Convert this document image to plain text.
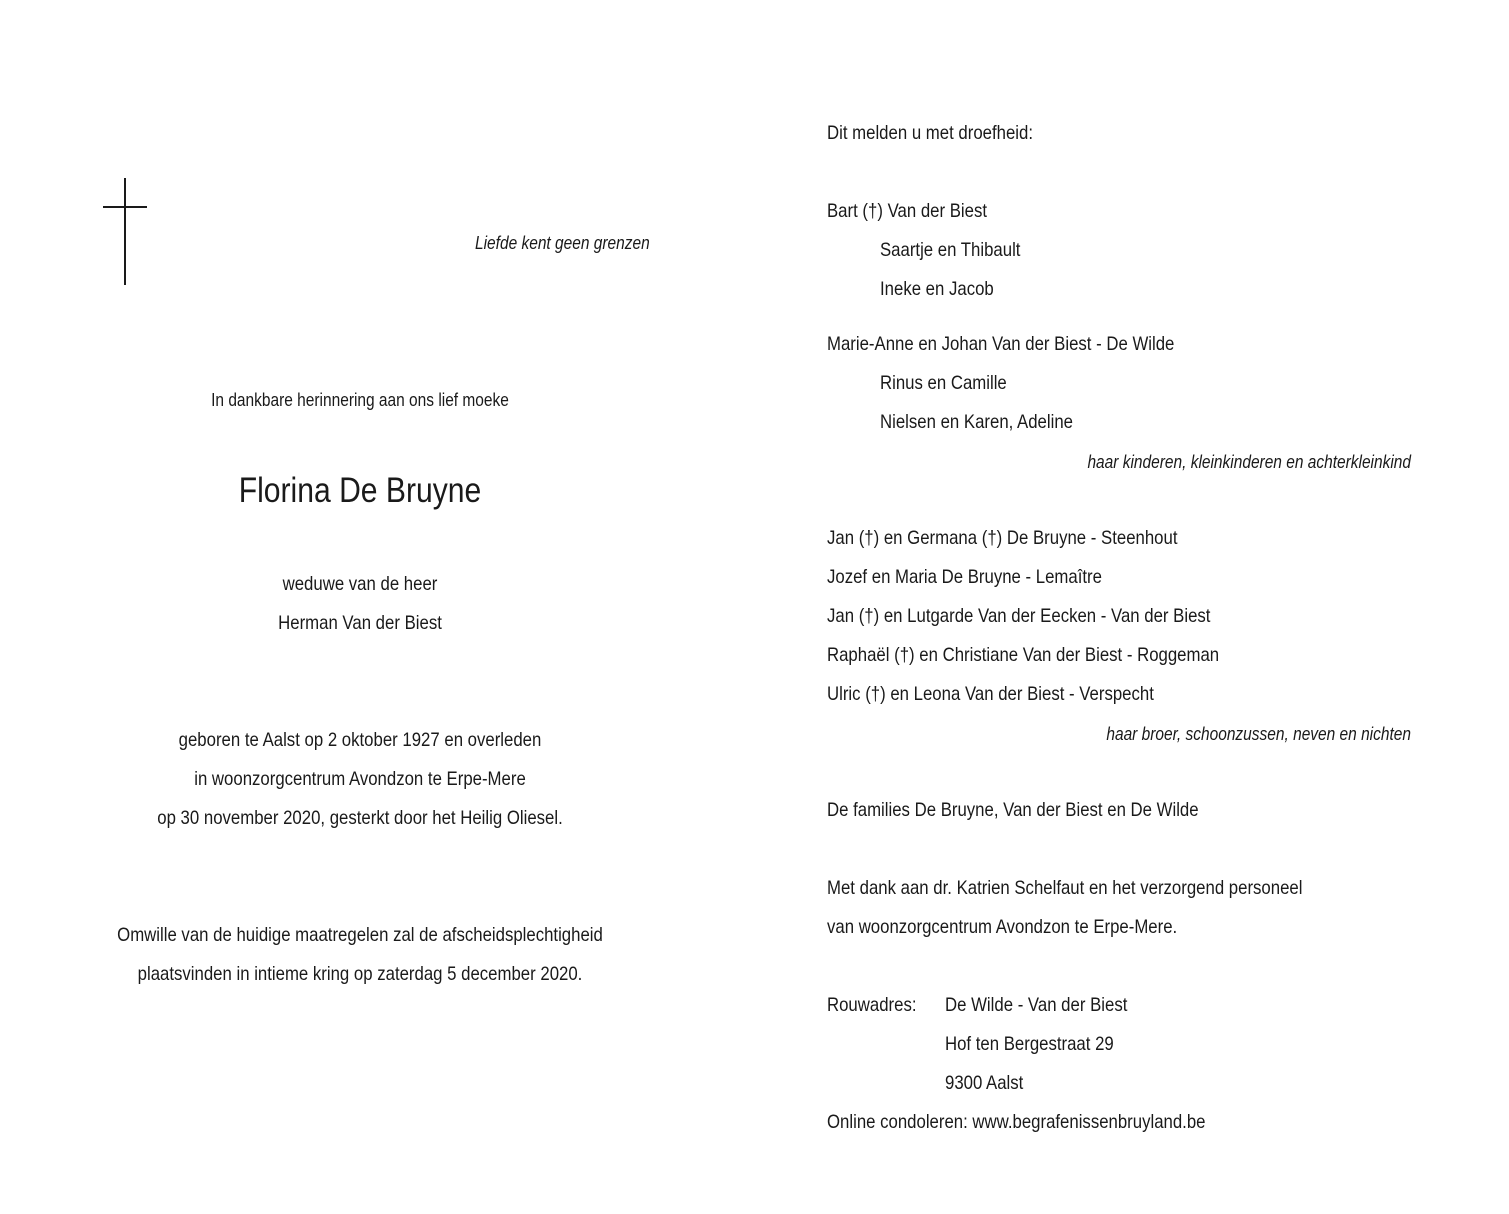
Liefde kent geen grenzen
In dankbare herinnering aan ons lief moeke
Florina De Bruyne
weduwe van de heer
Herman Van der Biest
geboren te Aalst op 2 oktober 1927 en overleden
in woonzorgcentrum Avondzon te Erpe-Mere
op 30 november 2020, gesterkt door het Heilig Oliesel.
Omwille van de huidige maatregelen zal de afscheidsplechtigheid
plaatsvinden in intieme kring op zaterdag 5 december 2020.
Dit melden u met droefheid:
Bart (†) Van der Biest
Saartje en Thibault
Ineke en Jacob
Marie-Anne en Johan Van der Biest - De Wilde
Rinus en Camille
Nielsen en Karen, Adeline
haar kinderen, kleinkinderen en achterkleinkind
Jan (†) en Germana (†) De Bruyne - Steenhout
Jozef en Maria De Bruyne - Lemaître
Jan (†) en Lutgarde Van der Eecken - Van der Biest
Raphaël (†) en Christiane Van der Biest - Roggeman
Ulric (†) en Leona Van der Biest - Verspecht
haar broer, schoonzussen, neven en nichten
De families De Bruyne, Van der Biest en De Wilde
Met dank aan dr. Katrien Schelfaut en het verzorgend personeel
van woonzorgcentrum Avondzon te Erpe-Mere.
Rouwadres: De Wilde - Van der Biest
Hof ten Bergestraat 29
9300 Aalst
Online condoleren: www.begrafenissenbruyland.be
